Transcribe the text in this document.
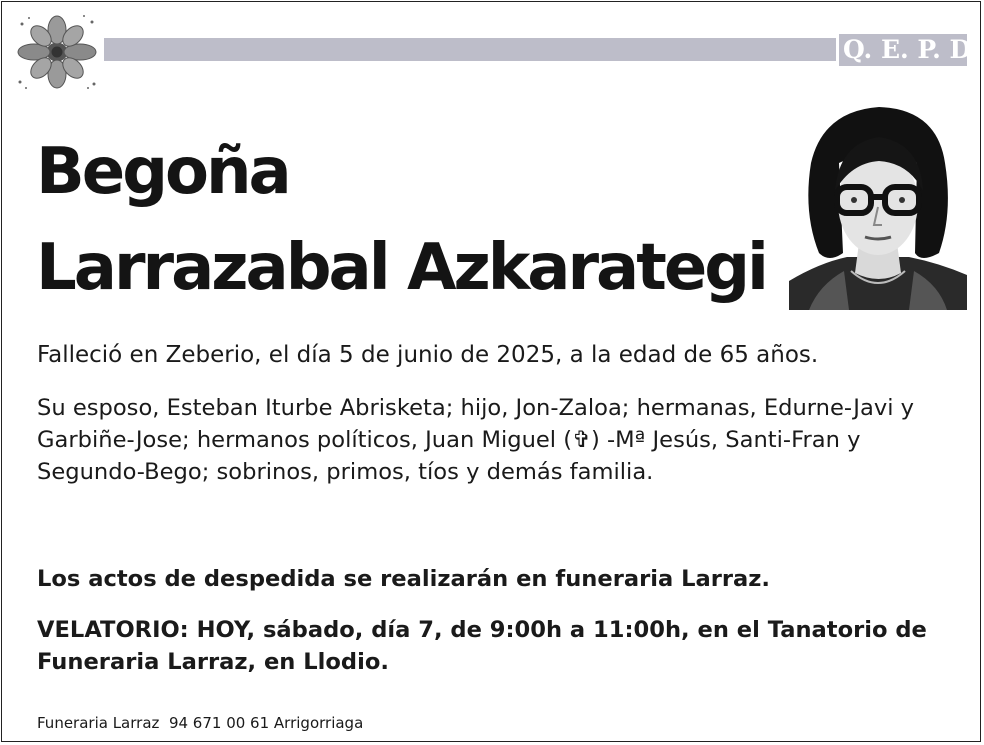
Q. E. P. D.
Begoña
Larrazabal Azkarategi

Falleció en Zeberio, el día 5 de junio de 2025, a la edad de 65 años.

Su esposo, Esteban Iturbe Abrisketa; hijo, Jon-Zaloa; hermanas, Edurne-Javi y Garbiñe-Jose; hermanos políticos, Juan Miguel (✞) -Mª Jesús, Santi-Fran y Segundo-Bego; sobrinos, primos, tíos y demás familia.

Los actos de despedida se realizarán en funeraria Larraz.

VELATORIO: HOY, sábado, día 7, de 9:00h a 11:00h, en el Tanatorio de Funeraria Larraz, en Llodio.

Funeraria Larraz 94 671 00 61 Arrigorriaga
